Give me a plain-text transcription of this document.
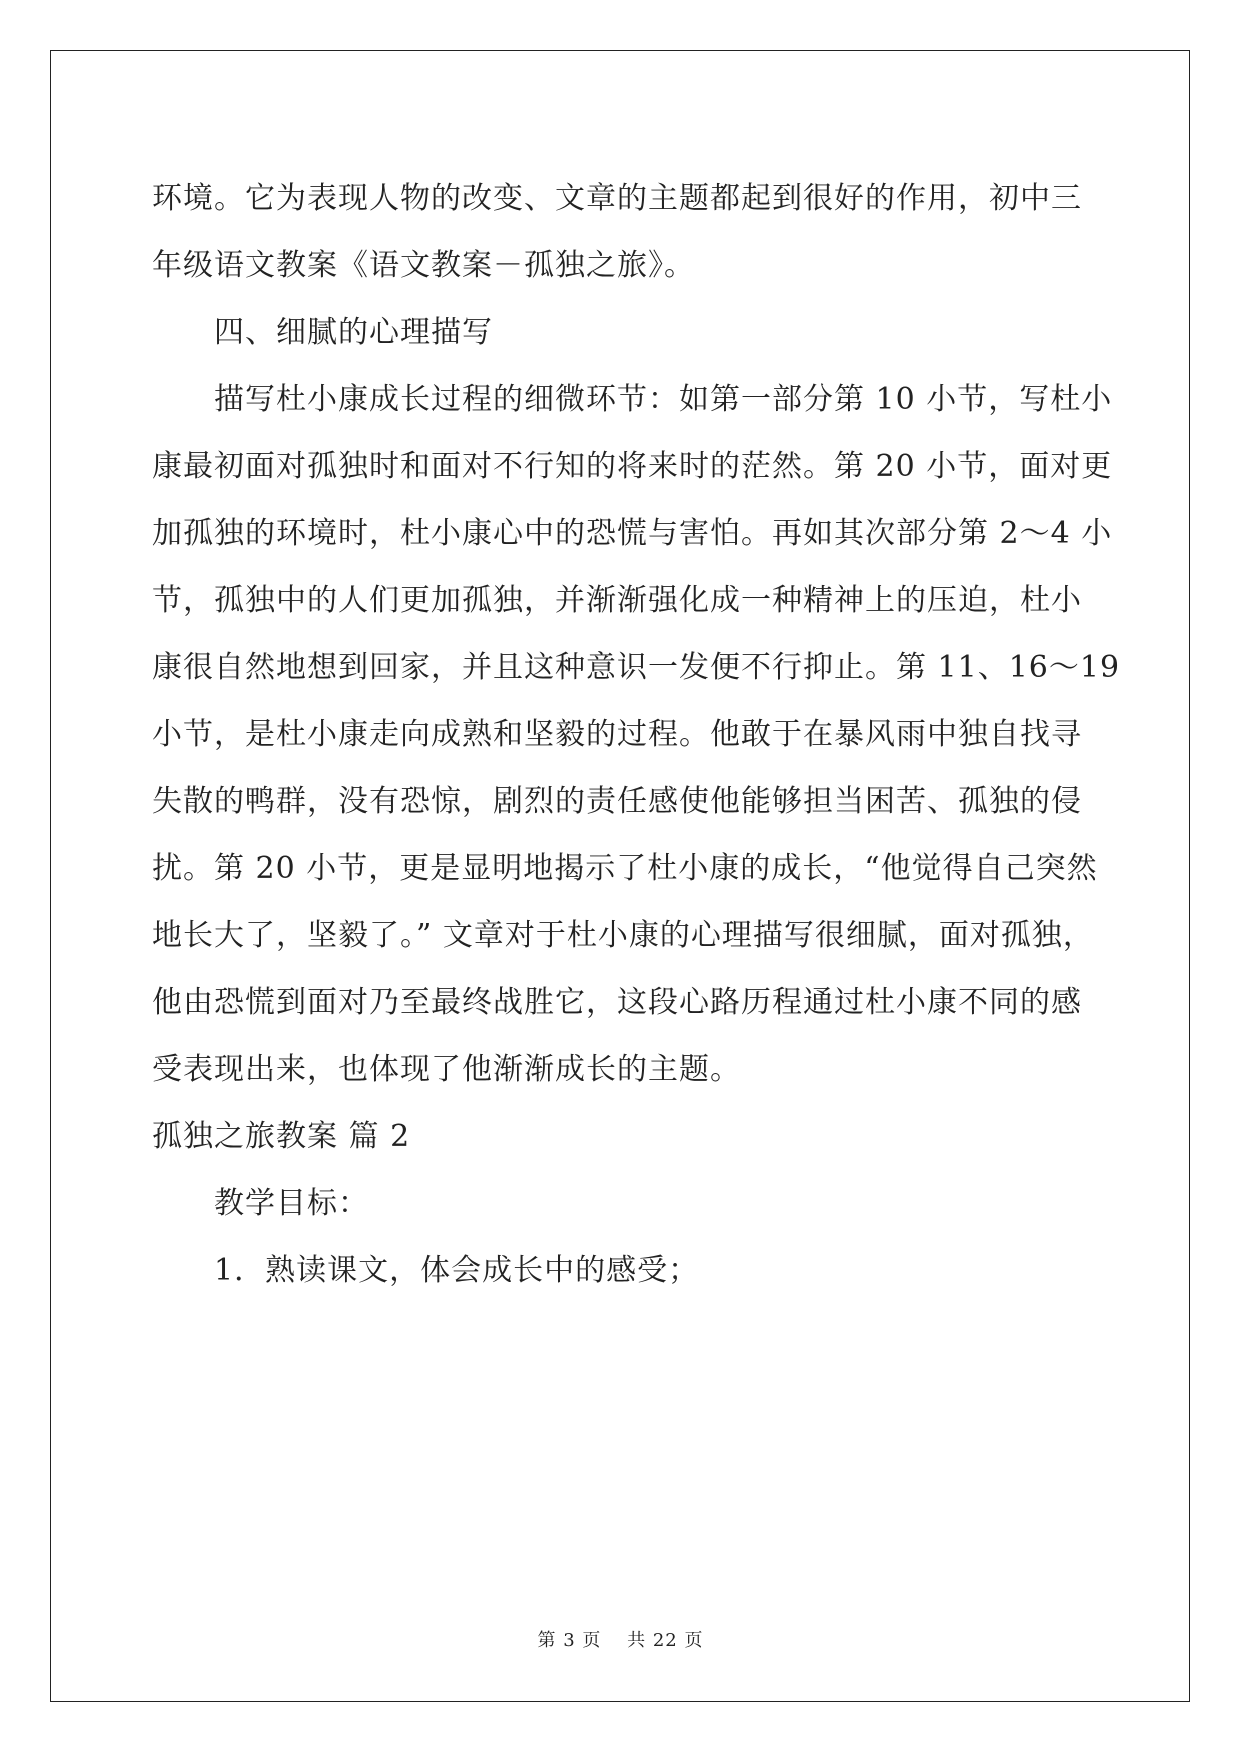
环境。它为表现人物的改变、文章的主题都起到很好的作用，初中三
年级语文教案《语文教案－孤独之旅》。
　　四、细腻的心理描写
　　描写杜小康成长过程的细微环节：如第一部分第 10 小节，写杜小
康最初面对孤独时和面对不行知的将来时的茫然。第 20 小节，面对更
加孤独的环境时，杜小康心中的恐慌与害怕。再如其次部分第 2～4 小
节，孤独中的人们更加孤独，并渐渐强化成一种精神上的压迫，杜小
康很自然地想到回家，并且这种意识一发便不行抑止。第 11、16～19
小节，是杜小康走向成熟和坚毅的过程。他敢于在暴风雨中独自找寻
失散的鸭群，没有恐惊，剧烈的责任感使他能够担当困苦、孤独的侵
扰。第 20 小节，更是显明地揭示了杜小康的成长，“他觉得自己突然
地长大了，坚毅了。” 文章对于杜小康的心理描写很细腻，面对孤独，
他由恐慌到面对乃至最终战胜它，这段心路历程通过杜小康不同的感
受表现出来，也体现了他渐渐成长的主题。
孤独之旅教案 篇 2
　　教学目标：
　　1．熟读课文，体会成长中的感受；
第 3 页　 共 22 页
